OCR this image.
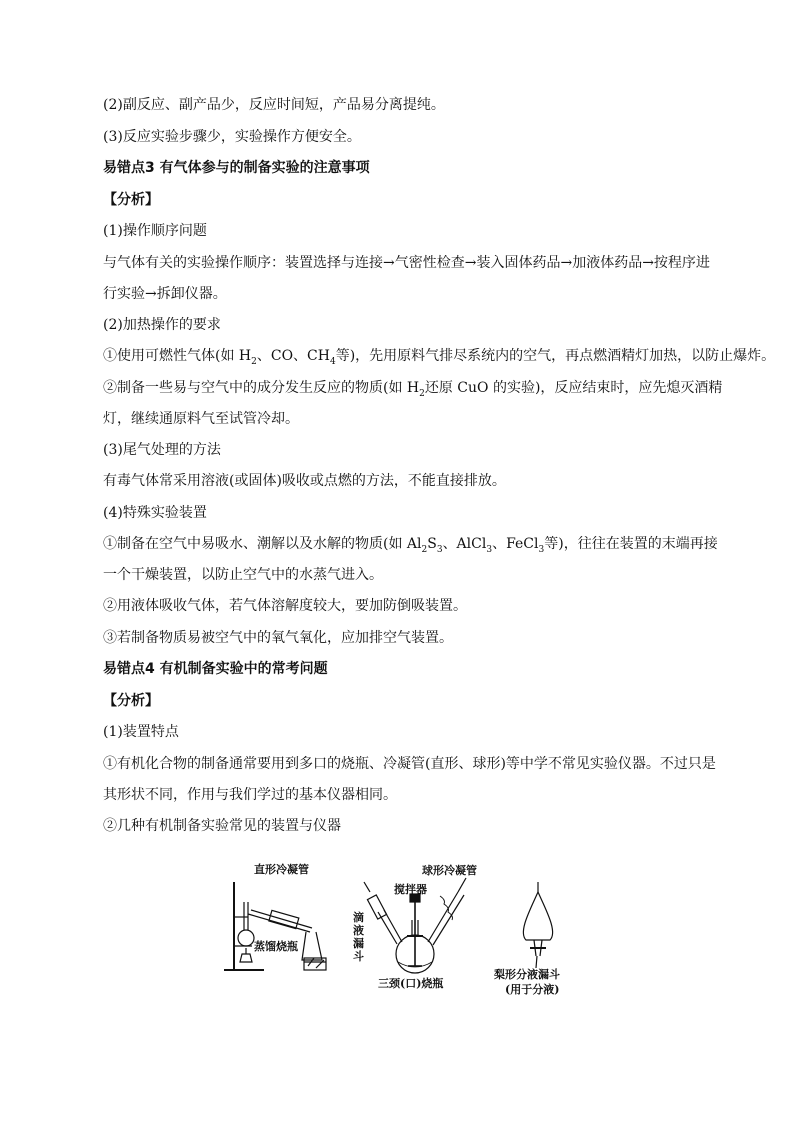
(2)副反应、副产品少，反应时间短，产品易分离提纯。
(3)反应实验步骤少，实验操作方便安全。
易错点3 有气体参与的制备实验的注意事项
【分析】
(1)操作顺序问题
与气体有关的实验操作顺序：装置选择与连接→气密性检查→装入固体药品→加液体药品→按程序进行实验→拆卸仪器。
(2)加热操作的要求
①使用可燃性气体(如 $H_2$、CO、$CH_4$等)，先用原料气排尽系统内的空气，再点燃酒精灯加热，以防止爆炸。
②制备一些易与空气中的成分发生反应的物质(如 $H_2$还原 CuO 的实验)，反应结束时，应先熄灭酒精灯，继续通原料气至试管冷却。
(3)尾气处理的方法
有毒气体常采用溶液(或固体)吸收或点燃的方法，不能直接排放。
(4)特殊实验装置
①制备在空气中易吸水、潮解以及水解的物质(如 $Al_2S_3$、AlCl$_3$、FeCl$_3$等)，往往在装置的末端再接一个干燥装置，以防止空气中的水蒸气进入。
②用液体吸收气体，若气体溶解度较大，要加防倒吸装置。
③若制备物质易被空气中的氧气氧化，应加排空气装置。
易错点4 有机制备实验中的常考问题
【分析】
(1)装置特点
①有机化合物的制备通常要用到多口的烧瓶、冷凝管(直形、球形)等中学不常见实验仪器。不过只是其形状不同，作用与我们学过的基本仪器相同。
②几种有机制备实验常见的装置与仪器
直形冷凝管
蒸馏烧瓶
球形冷凝管
搅拌器
滴液漏斗
三颈(口)烧瓶
梨形分液漏斗
(用于分液)
